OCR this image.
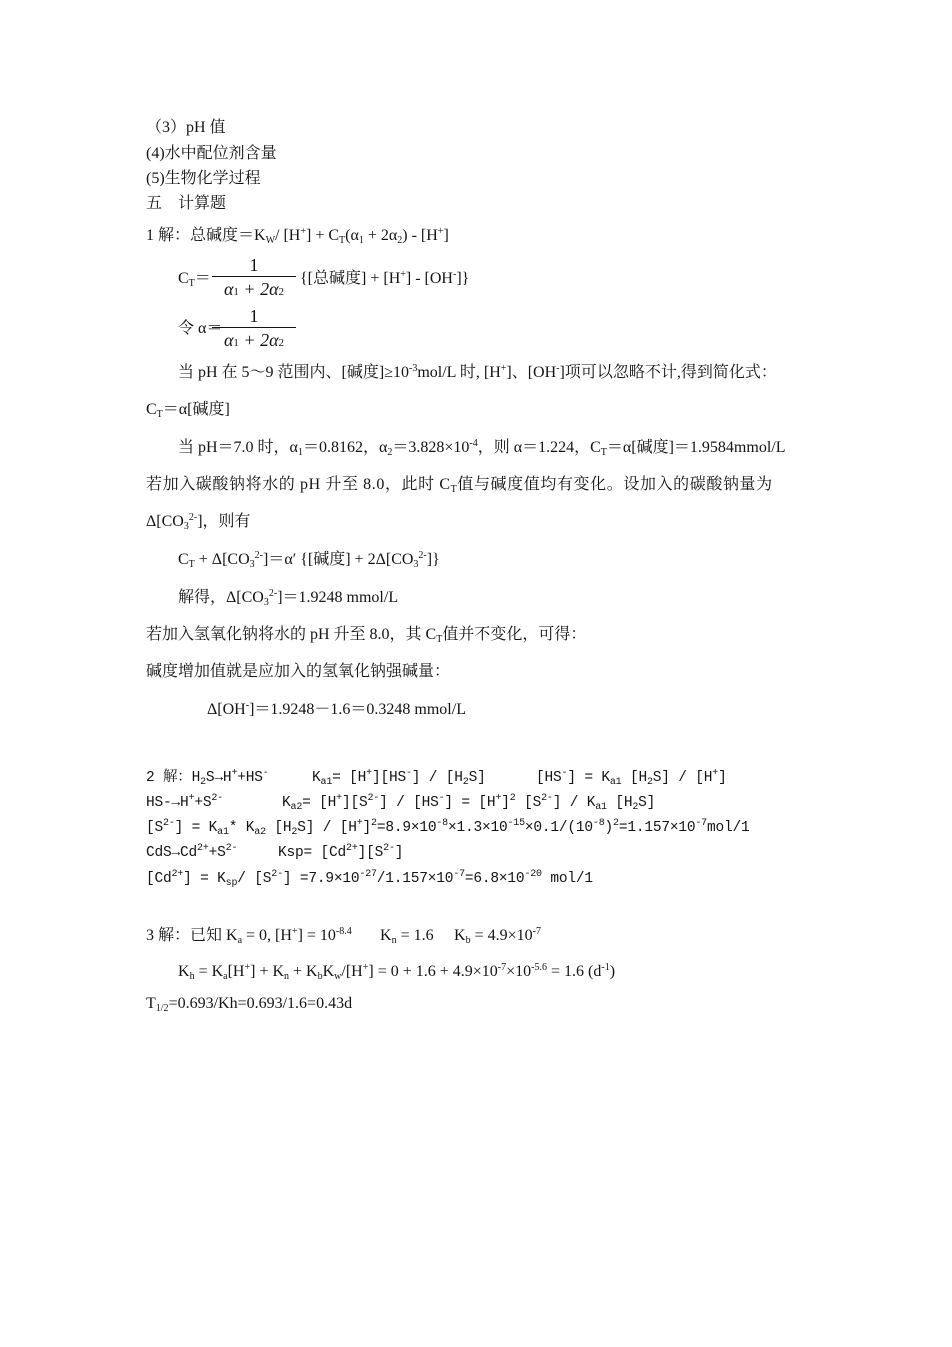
（3）pH 值
(4)水中配位剂含量
(5)生物化学过程
五　计算题
1 解：总碱度$=K_W/$ $[H^+] + C_T(\alpha_1 + 2\alpha_2) - [H^+]$
$C_T=$
1
α1 + 2α2
{[总碱度] + [H+] - [OH-]}
令 α＝
1
α1 + 2α2
当 pH 在 5～9 范围内、[碱度]$\ge 10^{-3}mol/L$ 时, [H+]、[OH-]项可以忽略不计,得到简化式：
$C_T=\alpha$[碱度]
当 pH＝7.0 时，$\alpha_1=0.8162$，$\alpha_2=3.828\times 10^{-4}$，则 α＝1.224，$C_T=\alpha$[碱度]＝1.9584mmol/L
若加入碳酸钠将水的 pH 升至 8.0，此时 $C_T$值与碱度值均有变化。设加入的碳酸钠量为
$\Delta[CO_3^{2-}]$，则有
$C_T + \Delta[CO_3^{2-}]=\alpha'$ {[碱度] + $2\Delta[CO_3^{2-}]$}
解得，$\Delta[CO_3^{2-}]=1.9248$ mmol/L
若加入氢氧化钠将水的 pH 升至 8.0，其 $C_T$值并不变化，可得：
碱度增加值就是应加入的氢氧化钠强碱量：
Δ[OH-]＝1.9248－1.6＝0.3248 mmol/L
2 解：$H_2S\to H^++HS^-$	$K_{a1}= [H^+][HS^-] / [H_2S]$	$[HS^-] = K_{a1}$ $[H_2S] / [H^+]$
$HS-\to H^++S^{2-}$	$K_{a2}= [H^+][S^{2-}] / [HS^-] = [H^+]^2$ $[S^{2-}] / K_{a1}$ $[H_2S]$
$[S^{2-}] = K_{a1}*$ $K_{a2}$ $[H_2S] / [H^+]^2=8.9\times 10^{-8}\times 1.3\times 10^{-15}\times 0.1/(10^{-8})^2=1.157\times 10^{-7}mol/1$
$CdS\to Cd^{2+}+S^{2-}$	$Ksp= [Cd^{2+}][S^{2-}]$
$[Cd^{2+}] = K_{sp}/$ $[S^{2-}] =7.9\times 10^{-27}/1.157\times 10^{-7}=6.8\times 10^{-20}$ mol/1
3 解：已知 $K_a = 0$, $[H^+] = 10^{-8.4}$ $K_n = 1.6$ $K_b = 4.9\times 10^{-7}$
$K_h = K_a[H^+] + K_n + K_bK_w/[H^+] = 0 + 1.6 + 4.9\times 10^{-7}\times 10^{-5.6} = 1.6$ $(d^{-1})$
$T_{1/2}=0.693/Kh=0.693/1.6=0.43d$
